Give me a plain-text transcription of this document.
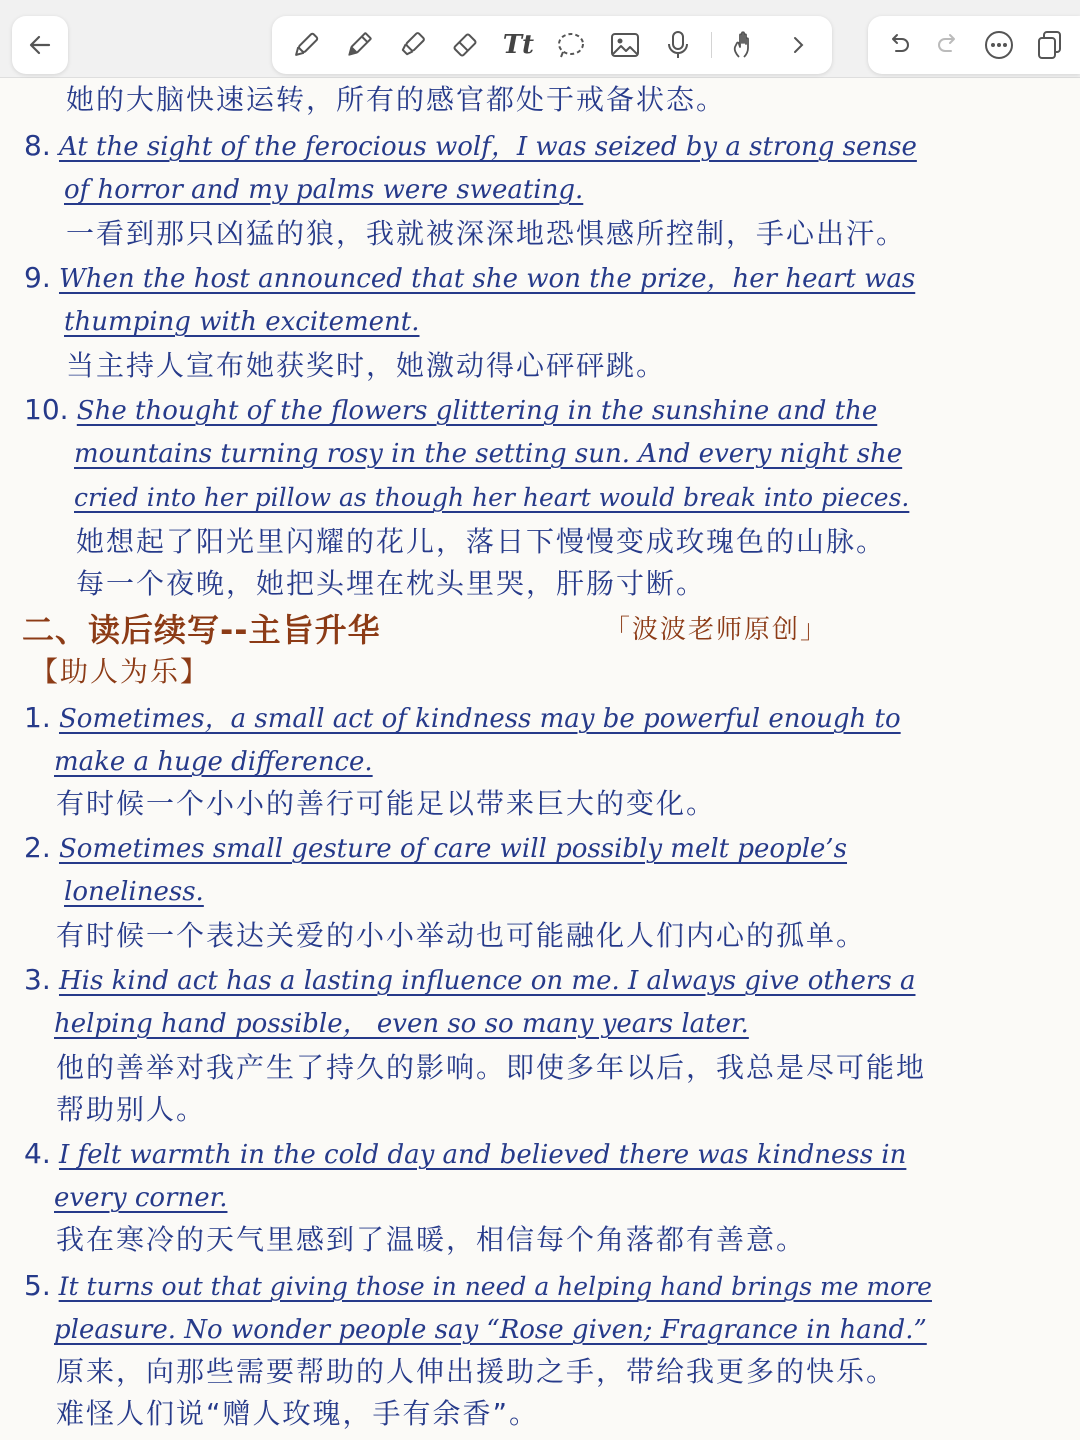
Tt
她的大脑快速运转，所有的感官都处于戒备状态。
8. At the sight of the ferocious wolf，I was seized by a strong sense
of horror and my palms were sweating.
一看到那只凶猛的狼，我就被深深地恐惧感所控制，手心出汗。
9. When the host announced that she won the prize，her heart was
thumping with excitement.
当主持人宣布她获奖时，她激动得心砰砰跳。
10. She thought of the flowers glittering in the sunshine and the
mountains turning rosy in the setting sun. And every night she
cried into her pillow as though her heart would break into pieces.
她想起了阳光里闪耀的花儿，落日下慢慢变成玫瑰色的山脉。
每一个夜晚，她把头埋在枕头里哭，肝肠寸断。
二、读后续写--主旨升华	「波波老师原创」
【助人为乐】
1. Sometimes，a small act of kindness may be powerful enough to
make a huge difference.
有时候一个小小的善行可能足以带来巨大的变化。
2. Sometimes small gesture of care will possibly melt people’s
loneliness.
有时候一个表达关爱的小小举动也可能融化人们内心的孤单。
3. His kind act has a lasting influence on me. I always give others a
helping hand possible， even so so many years later.
他的善举对我产生了持久的影响。即使多年以后，我总是尽可能地
帮助别人。
4. I felt warmth in the cold day and believed there was kindness in
every corner.
我在寒冷的天气里感到了温暖，相信每个角落都有善意。
5. It turns out that giving those in need a helping hand brings me more
pleasure. No wonder people say “Rose given; Fragrance in hand.”
原来，向那些需要帮助的人伸出援助之手，带给我更多的快乐。
难怪人们说“赠人玫瑰，手有余香”。
